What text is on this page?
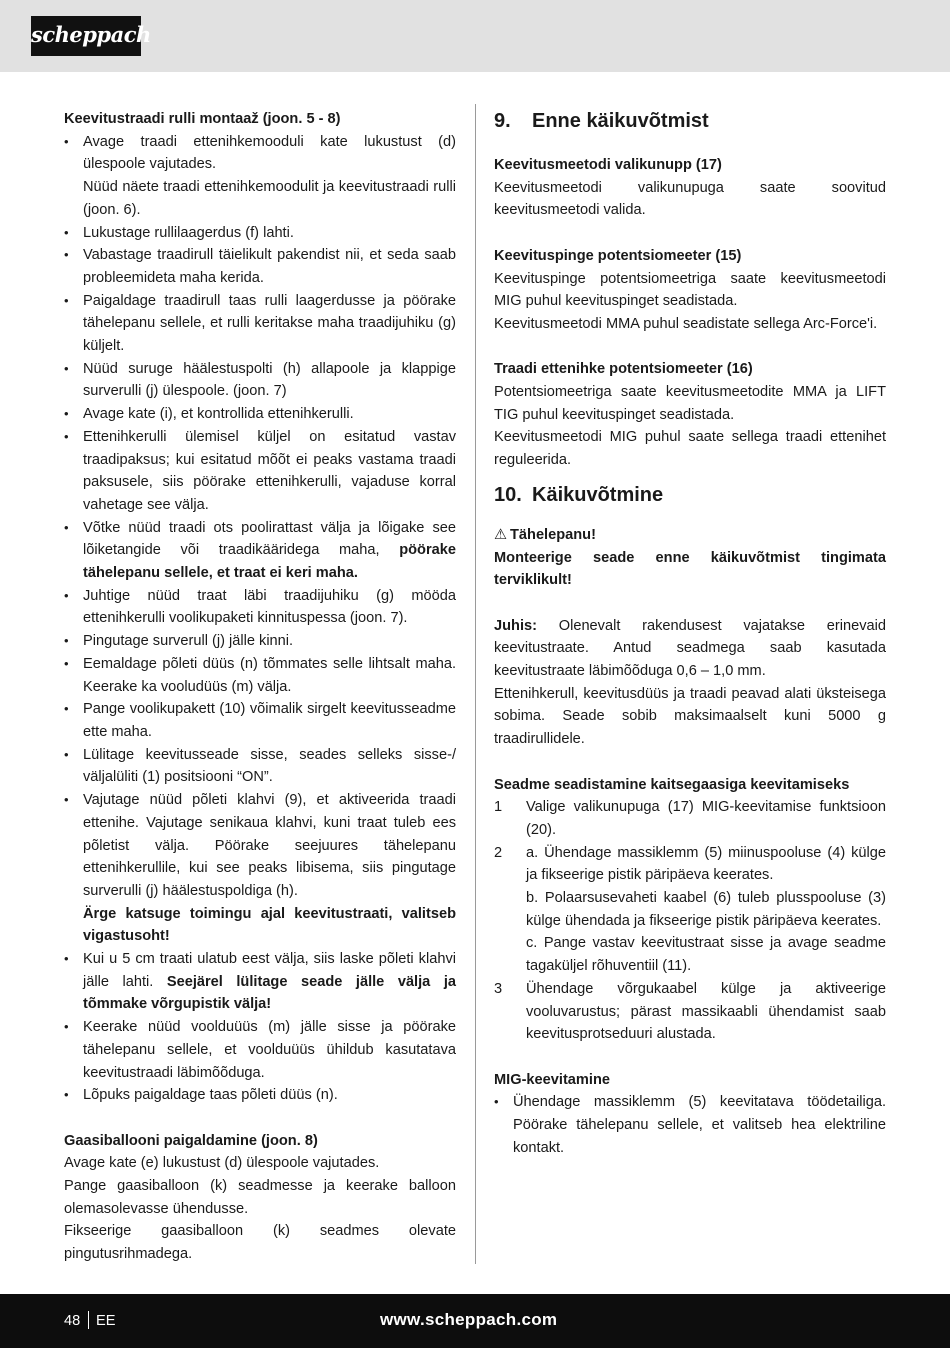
scheppach

Keevitustraadi rulli montaaž (joon. 5 - 8)

• Avage traadi ettenihkemooduli kate lukustust (d) ülespoole vajutades.
Nüüd näete traadi ettenihkemoodulit ja keevitustraadi rulli (joon. 6).
• Lukustage rullilaagerdus (f) lahti.
• Vabastage traadirull täielikult pakendist nii, et seda saab probleemideta maha kerida.
• Paigaldage traadirull taas rulli laagerdusse ja pöörake tähelepanu sellele, et rulli keritakse maha traadijuhiku (g) küljelt.
• Nüüd suruge häälestuspolti (h) allapoole ja klappige surverulli (j) ülespoole. (joon. 7)
• Avage kate (i), et kontrollida ettenihkerulli.
• Ettenihkerulli ülemisel küljel on esitatud vastav traadipaksus; kui esitatud mõõt ei peaks vastama traadi paksusele, siis pöörake ettenihkerulli, vajaduse korral vahetage see välja.
• Võtke nüüd traadi ots poolirattast välja ja lõigake see lõiketangide või traadikääridega maha, pöörake tähelepanu sellele, et traat ei keri maha.
• Juhtige nüüd traat läbi traadijuhiku (g) mööda ettenihkerulli voolikupaketi kinnituspessa (joon. 7).
• Pingutage surverull (j) jälle kinni.
• Eemaldage põleti düüs (n) tõmmates selle lihtsalt maha. Keerake ka vooludüüs (m) välja.
• Pange voolikupakett (10) võimalik sirgelt keevitusseadme ette maha.
• Lülitage keevitusseade sisse, seades selleks sisse-/ väljalüliti (1) positsiooni “ON”.
• Vajutage nüüd põleti klahvi (9), et aktiveerida traadi ettenihe. Vajutage senikaua klahvi, kuni traat tuleb ees põletist välja. Pöörake seejuures tähelepanu ettenihkerullile, kui see peaks libisema, siis pingutage surverulli (j) häälestuspoldiga (h).
Ärge katsuge toimingu ajal keevitustraati, valitseb vigastusoht!
• Kui u 5 cm traati ulatub eest välja, siis laske põleti klahvi jälle lahti. Seejärel lülitage seade jälle välja ja tõmmake võrgupistik välja!
• Keerake nüüd voolduüüs (m) jälle sisse ja pöörake tähelepanu sellele, et voolduüüs ühildub kasutatava keevitustraadi läbimõõduga.
• Lõpuks paigaldage taas põleti düüs (n).

Gaasiballooni paigaldamine (joon. 8)

Avage kate (e) lukustust (d) ülespoole vajutades.

Pange gaasiballoon (k) seadmesse ja keerake balloon olemasolevasse ühendusse.

Fikseerige gaasiballoon (k) seadmes olevate pingutusrihmadega.

9. Enne käikuvõtmist

Keevitusmeetodi valikunupp (17)

Keevitusmeetodi valikunupuga saate soovitud keevitusmeetodi valida.

Keevituspinge potentsiomeeter (15)

Keevituspinge potentsiomeetriga saate keevitusmeetodi MIG puhul keevituspinget seadistada.

Keevitusmeetodi MMA puhul seadistate sellega Arc-Force'i.

Traadi ettenihke potentsiomeeter (16)

Potentsiomeetriga saate keevitusmeetodite MMA ja LIFT TIG puhul keevituspinget seadistada.

Keevitusmeetodi MIG puhul saate sellega traadi ettenihet reguleerida.

10. Käikuvõtmine

⚠ Tähelepanu!

Monteerige seade enne käikuvõtmist tingimata terviklikult!

Juhis: Olenevalt rakendusest vajatakse erinevaid keevitustraate. Antud seadmega saab kasutada keevitustraate läbimõõduga 0,6 – 1,0 mm.

Ettenihkerull, keevitusdüüs ja traadi peavad alati üksteisega sobima. Seade sobib maksimaalselt kuni 5000 g traadirullidele.

Seadme seadistamine kaitsegaasiga keevitamiseks

1 Valige valikunupuga (17) MIG-keevitamise funktsioon (20).
2 a. Ühendage massiklemm (5) miinuspooluse (4) külge ja fikseerige pistik päripäeva keerates.
b. Polaarsusevaheti kaabel (6) tuleb plusspooluse (3) külge ühendada ja fikseerige pistik päripäeva keerates.
c. Pange vastav keevitustraat sisse ja avage seadme tagaküljel rõhuventiil (11).
3 Ühendage võrgukaabel külge ja aktiveerige vooluvarustus; pärast massikaabli ühendamist saab keevitusprotseduuri alustada.

MIG-keevitamine

• Ühendage massiklemm (5) keevitatava töödetailiga. Pöörake tähelepanu sellele, et valitseb hea elektriline kontakt.
48 EE	www.scheppach.com
